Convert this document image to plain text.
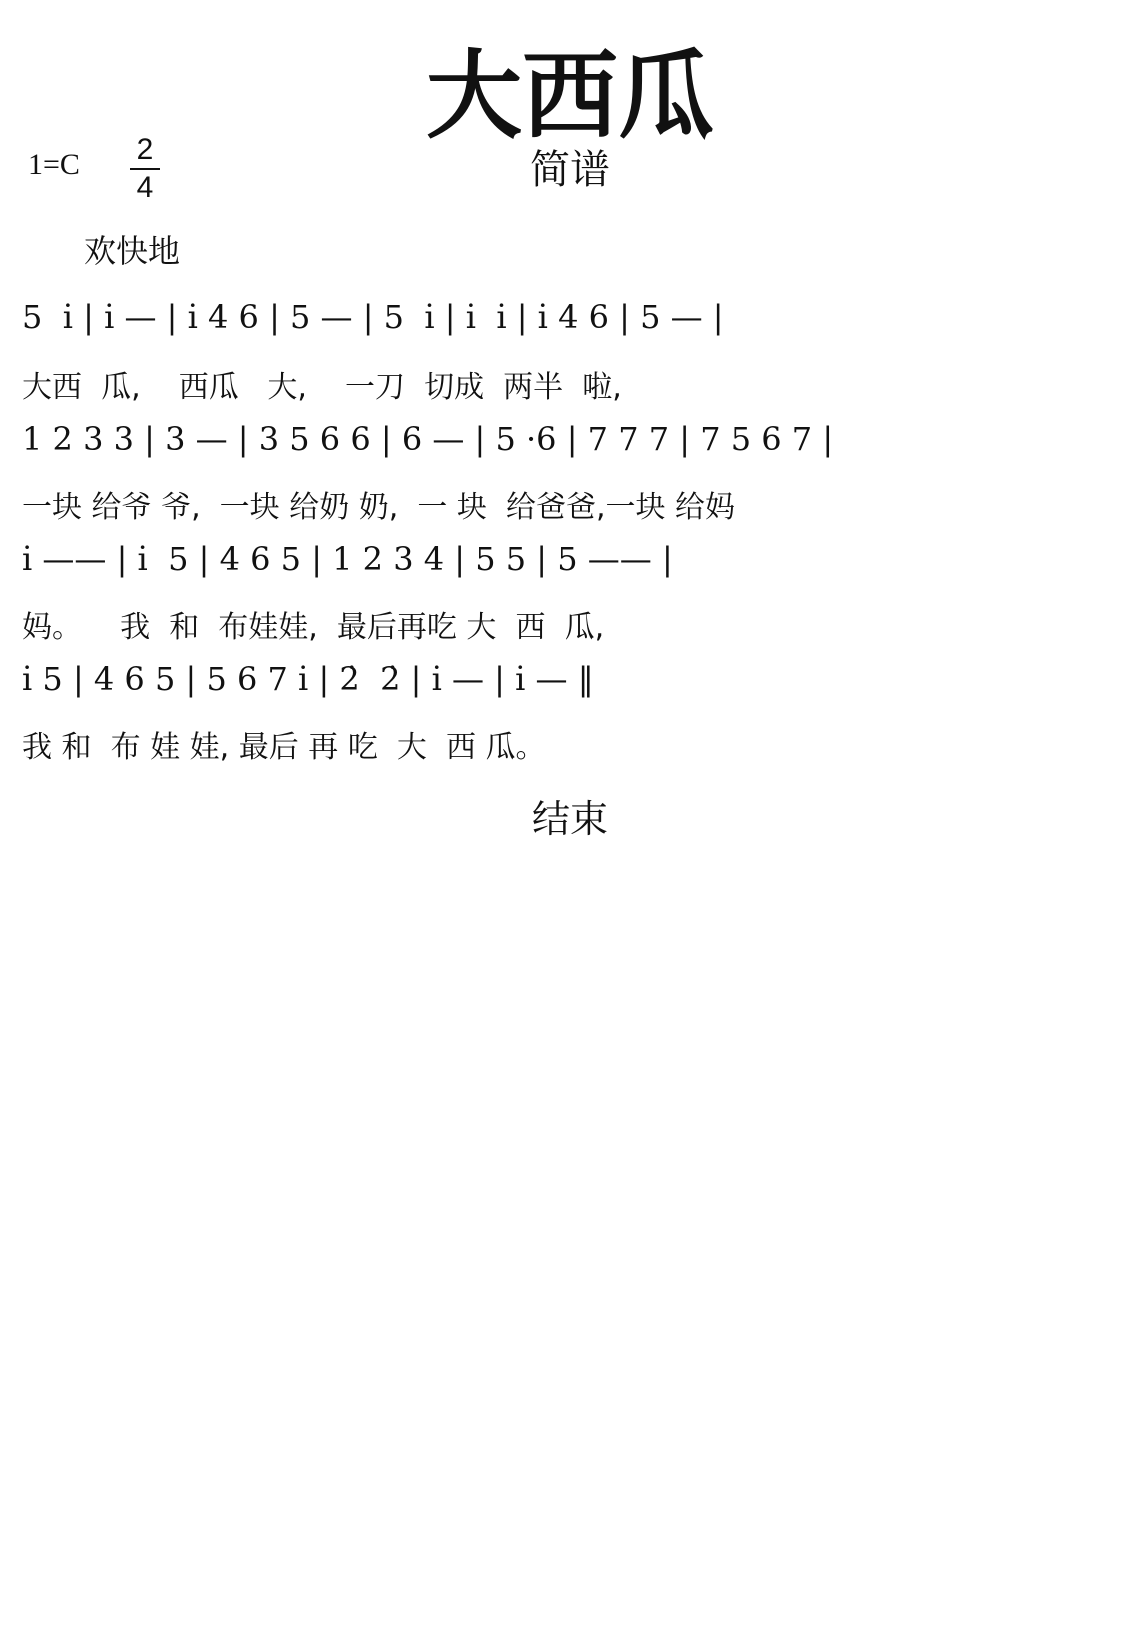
大西瓜
简谱
1=C 2
4
欢快地
5  i̇ | i̇ — | i̇ 4 6 | 5 — | 5  i̇ | i̇  i̇ | i̇ 4 6 | 5 — |
大西  瓜,    西瓜   大,    一刀  切成  两半  啦,
1 2 3 3 | 3 — | 3 5 6 6 | 6 — | 5 ·6 | 7 7 7 | 7 5 6 7 |
一块 给爷 爷,  一块 给奶 奶,  一 块  给爸爸,一块 给妈
i̇ —— | i̇  5 | 4 6 5 | 1 2 3 4 | 5 5 | 5 —— |
妈。    我  和  布娃娃,  最后再吃 大  西  瓜,
i̇ 5 | 4 6 5 | 5 6 7 i̇ | 2̇  2̇ | i̇ — | i̇ — ‖
我 和  布 娃 娃, 最后 再 吃  大  西 瓜。
结束
